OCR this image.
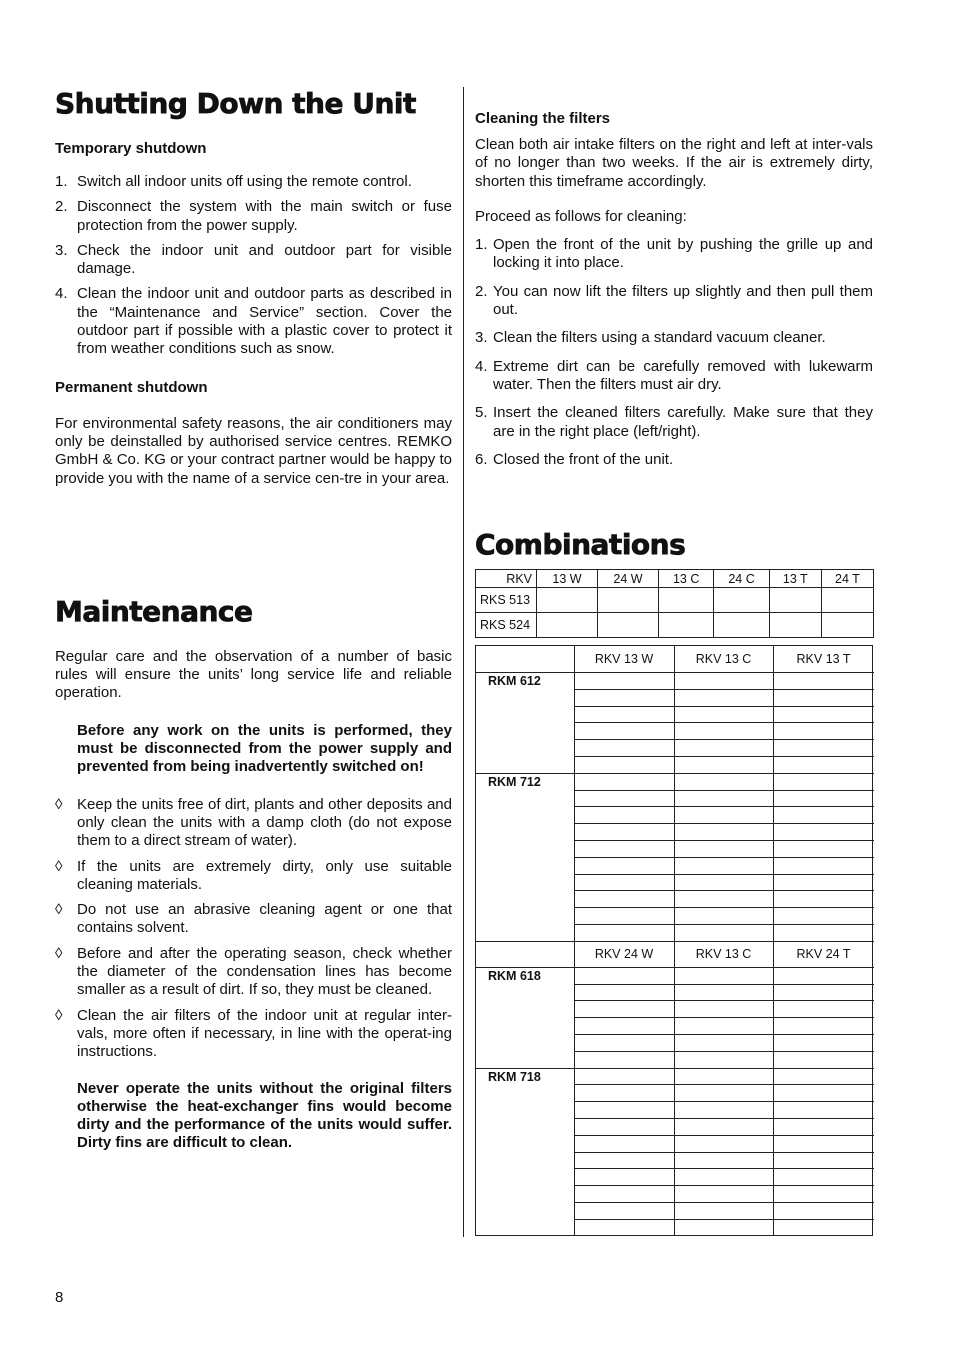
Shutting Down the Unit
Temporary shutdown
1. Switch all indoor units off using the remote control.
2. Disconnect the system with the main switch or fuse protection from the power supply.
3. Check the indoor unit and outdoor part for visible damage.
4. Clean the indoor unit and outdoor parts as described in the “Maintenance and Service” section. Cover the outdoor part if possible with a plastic cover to protect it from weather conditions such as snow.
Permanent shutdown

For environmental safety reasons, the air conditioners may only be deinstalled by authorised service centres. REMKO GmbH & Co. KG or your contract partner would be happy to provide you with the name of a service cen-tre in your area.

Maintenance

Regular care and the observation of a number of basic rules will ensure the units’ long service life and reliable operation.

Before any work on the units is performed, they must be disconnected from the power supply and prevented from being inadvertently switched on!
◊ Keep the units free of dirt, plants and other deposits and only clean the units with a damp cloth (do not expose them to a direct stream of water).
◊ If the units are extremely dirty, only use suitable cleaning materials.
◊ Do not use an abrasive cleaning agent or one that contains solvent.
◊ Before and after the operating season, check whether the diameter of the condensation lines has become smaller as a result of dirt. If so, they must be cleaned.
◊ Clean the air filters of the indoor unit at regular inter-vals, more often if necessary, in line with the operat-ing instructions.
Never operate the units without the original filters otherwise the heat-exchanger fins would become dirty and the performance of the units would suffer. Dirty fins are difficult to clean.
Cleaning the filters

Clean both air intake filters on the right and left at inter-vals of no longer than two weeks. If the air is extremely dirty, shorten this timeframe accordingly.

Proceed as follows for cleaning:

1. Open the front of the unit by pushing the grille up and locking it into place.
2. You can now lift the filters up slightly and then pull them out.
3. Clean the filters using a standard vacuum cleaner.
4. Extreme dirt can be carefully removed with lukewarm water. Then the filters must air dry.
5. Insert the cleaned filters carefully. Make sure that they are in the right place (left/right).
6. Closed the front of the unit.
Combinations
RKV	13 W	24 W	13 C	24 C	13 T	24 T
RKS 513						
RKS 524						
RKV 13 W	RKV 13 C	RKV 13 T
RKM 612
RKM 712
RKV 24 W	RKV 13 C	RKV 24 T
RKM 618
RKM 718
8
